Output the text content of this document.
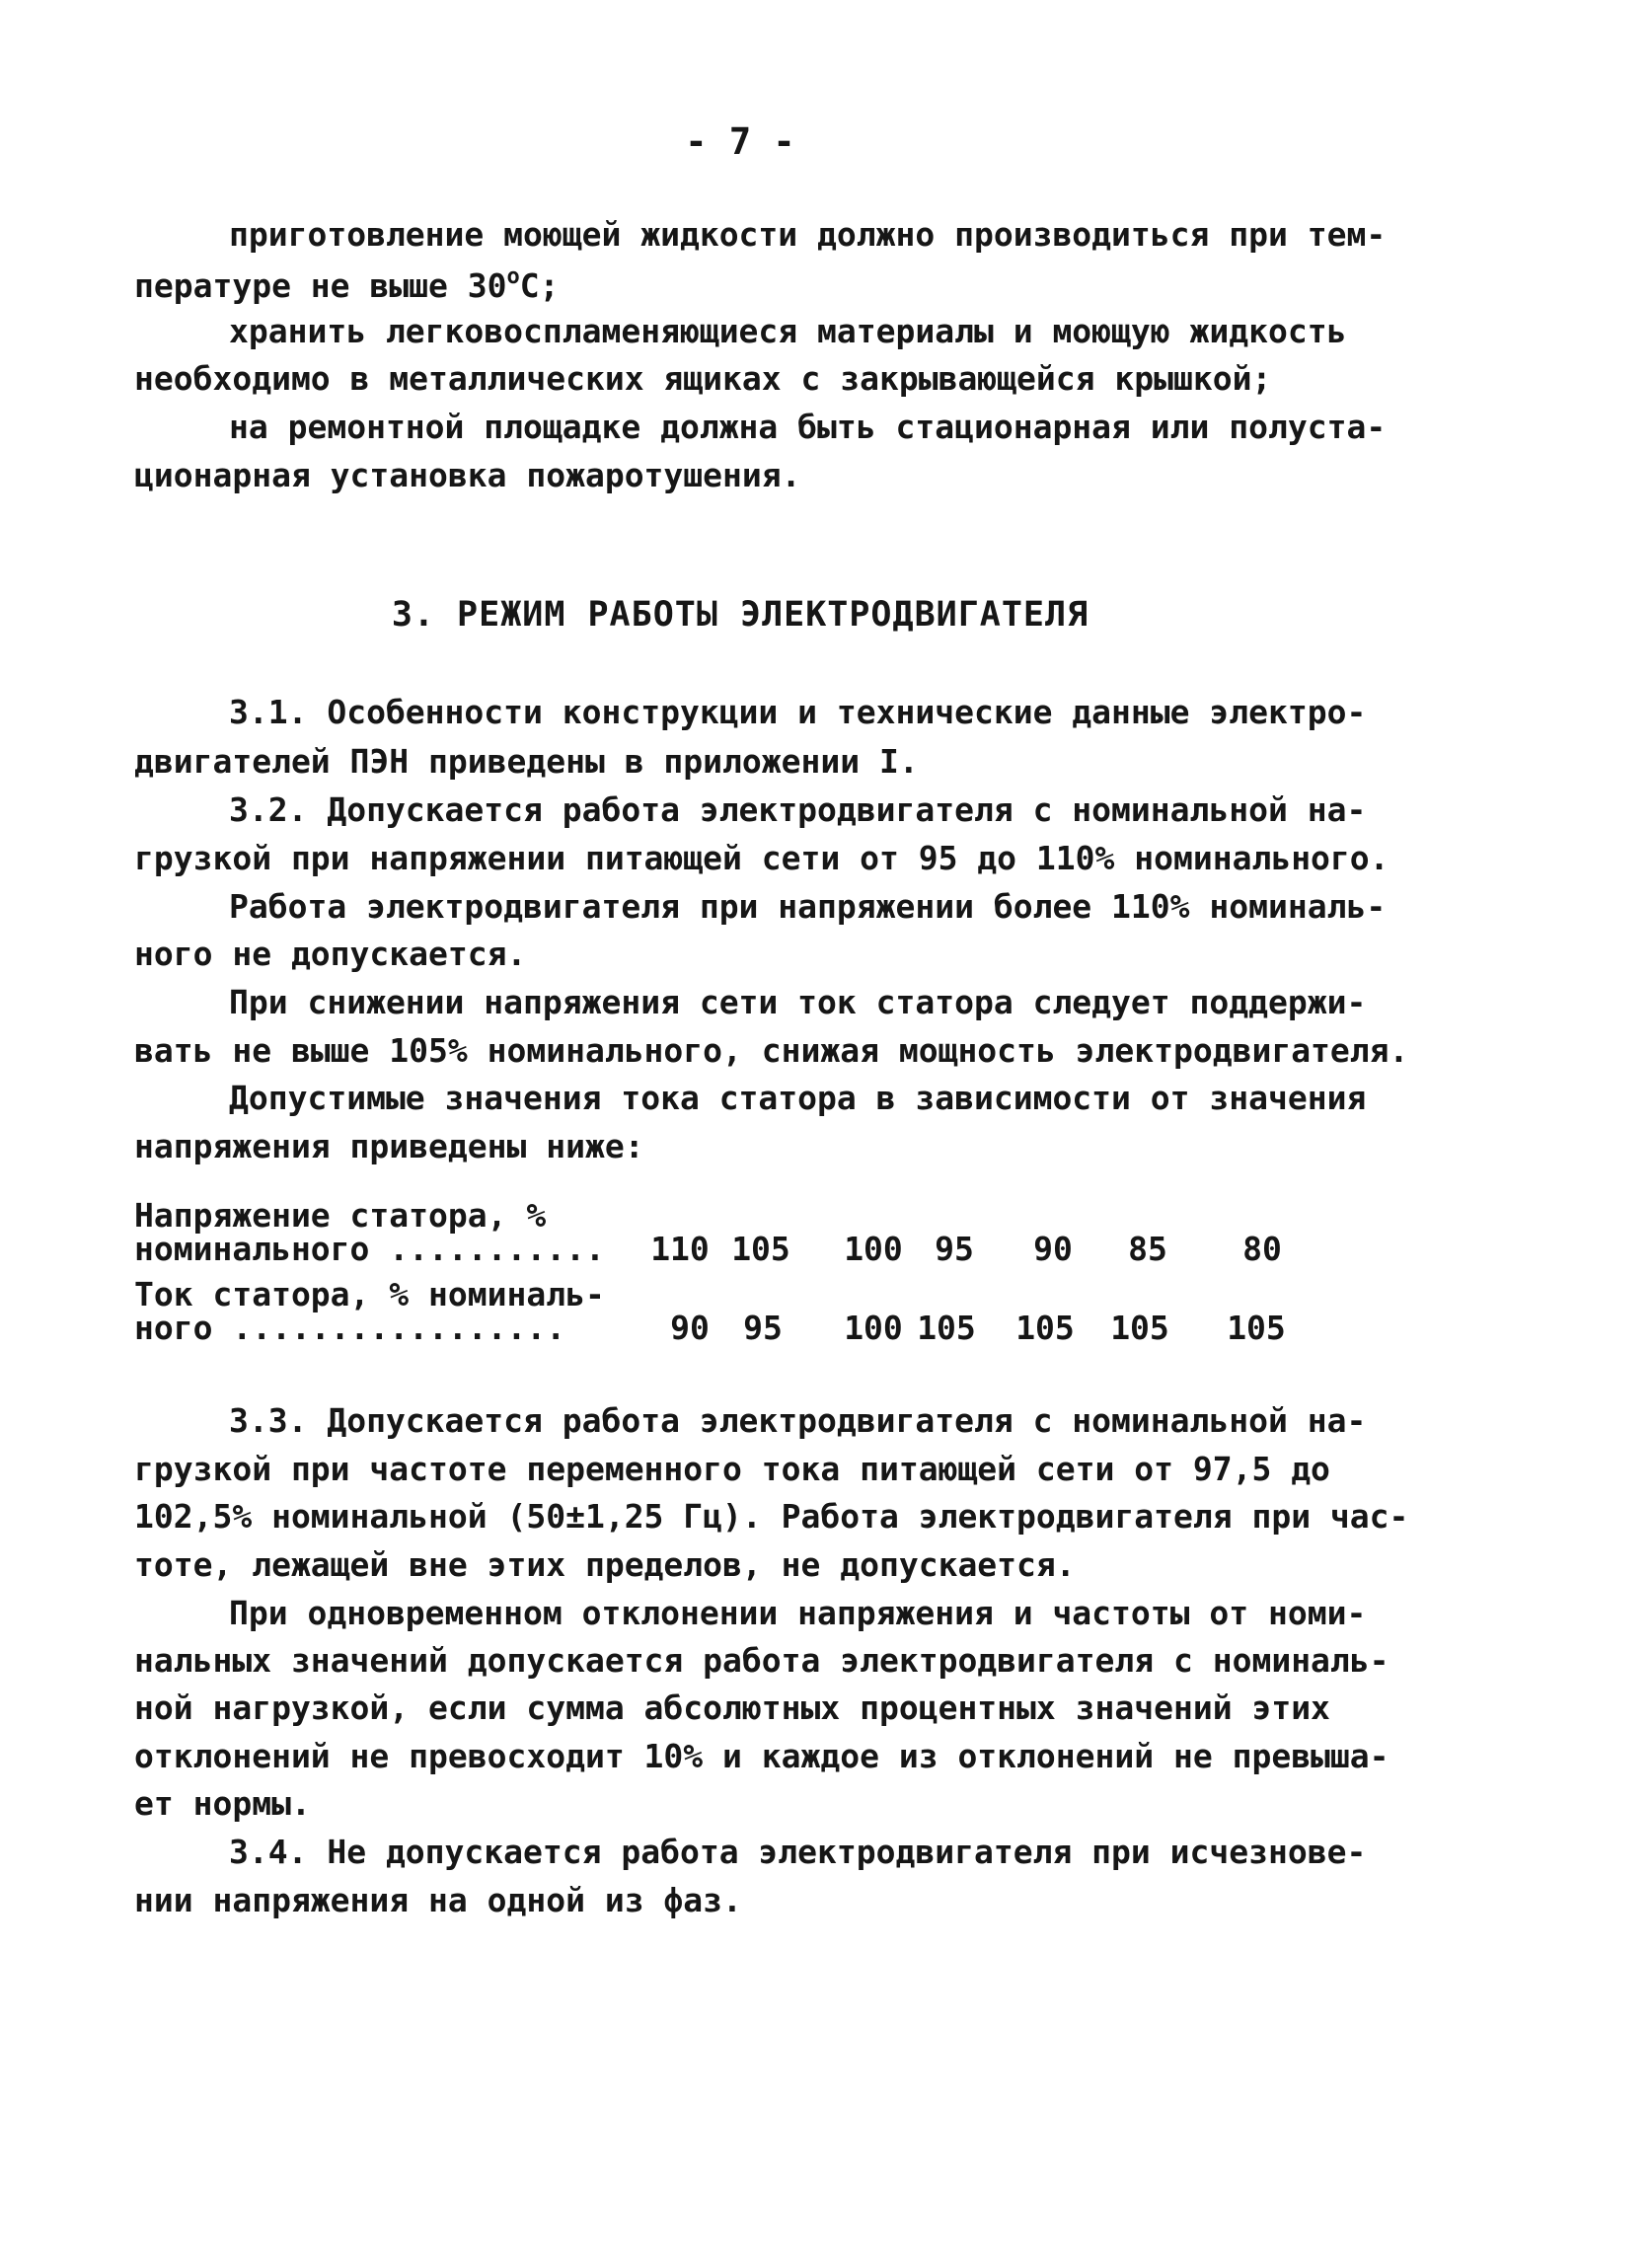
- 7 -
приготовление моющей жидкости должно производиться при тем-
пературе не выше $30^оС$;
хранить легковоспламеняющиеся материалы и моющую жидкость
необходимо в металлических ящиках с закрывающейся крышкой;
на ремонтной площадке должна быть стационарная или полуста-
ционарная установка пожаротушения.
3. РЕЖИМ РАБОТЫ ЭЛЕКТРОДВИГАТЕЛЯ
3.1. Особенности конструкции и технические данные электро-
двигателей ПЭН приведены в приложении I.
3.2. Допускается работа электродвигателя с номинальной на-
грузкой при напряжении питающей сети от 95 до 110% номинального.
Работа электродвигателя при напряжении более 110% номиналь-
ного не допускается.
При снижении напряжения сети ток статора следует поддержи-
вать не выше 105% номинального, снижая мощность электродвигателя.
Допустимые значения тока статора в зависимости от значения
напряжения приведены ниже:
Напряжение статора, %
номинального ...........	110 105	100 95	90	85	80
Ток статора, % номиналь-
ного .................	90	95	100 105	105	105	105
3.3. Допускается работа электродвигателя с номинальной на-
грузкой при частоте переменного тока питающей сети от 97,5 до
102,5% номинальной (50±1,25 Гц). Работа электродвигателя при час-
тоте, лежащей вне этих пределов, не допускается.
При одновременном отклонении напряжения и частоты от номи-
нальных значений допускается работа электродвигателя с номиналь-
ной нагрузкой, если сумма абсолютных процентных значений этих
отклонений не превосходит 10% и каждое из отклонений не превыша-
ет нормы.
3.4. Не допускается работа электродвигателя при исчезнове-
нии напряжения на одной из фаз.
